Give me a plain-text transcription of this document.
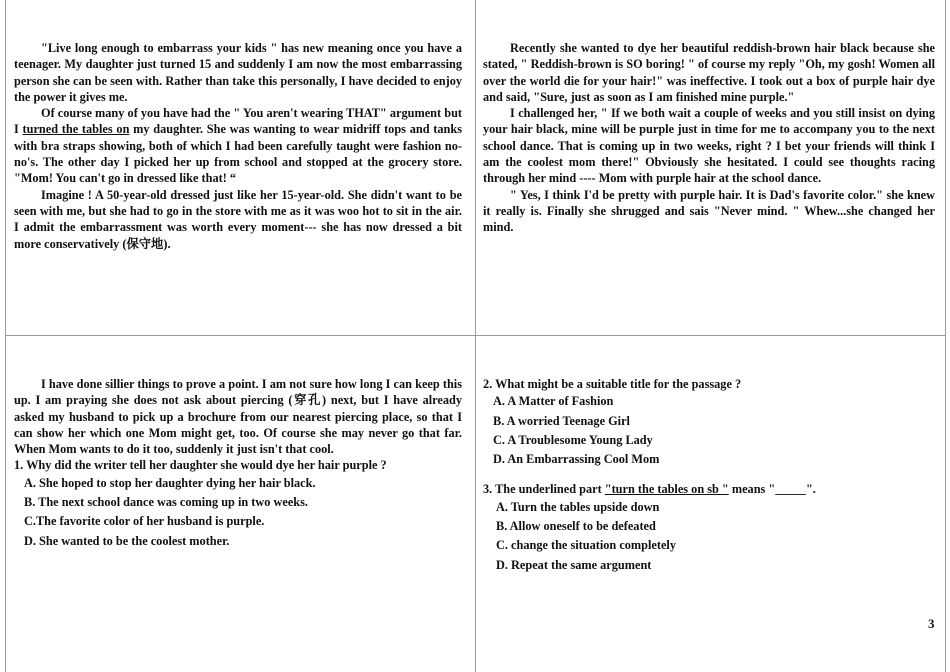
"Live long enough to embarrass your kids " has new meaning once you have a teenager. My daughter just turned 15 and suddenly I am now the most embarrassing person she can be seen with. Rather than take this personally, I have decided to enjoy the power it gives me.

Of course many of you have had the " You aren't wearing THAT" argument but I turned the tables on my daughter. She was wanting to wear midriff tops and tanks with bra straps showing, both of which I had been carefully taught were fashion no-no's. The other day I picked her up from school and stopped at the grocery store. "Mom! You can't go in dressed like that! “

Imagine ! A 50-year-old dressed just like her 15-year-old. She didn't want to be seen with me, but she had to go in the store with me as it was woo hot to sit in the air. I admit the embarrassment was worth every moment--- she has now dressed a bit more conservatively (保守地).

Recently she wanted to dye her beautiful reddish-brown hair black because she stated, " Reddish-brown is SO boring! " of course my reply "Oh, my gosh! Women all over the world die for your hair!" was ineffective. I took out a box of purple hair dye and said, "Sure, just as soon as I am finished mine purple."

I challenged her, " If we both wait a couple of weeks and you still insist on dying your hair black, mine will be purple just in time for me to accompany you to the next school dance. That is coming up in two weeks, right ? I bet your friends will think I am the coolest mom there!" Obviously she hesitated. I could see thoughts racing through her mind ---- Mom with purple hair at the school dance.

" Yes, I think I'd be pretty with purple hair. It is Dad's favorite color." she knew it really is. Finally she shrugged and sais "Never mind. " Whew...she changed her mind.

I have done sillier things to prove a point. I am not sure how long I can keep this up. I am praying she does not ask about piercing (穿孔) next, but I have already asked my husband to pick up a brochure from our nearest piercing place, so that I can show her which one Mom might get, too. Of course she may never go that far. When Mom wants to do it too, suddenly it just isn't that cool.

1. Why did the writer tell her daughter she would dye her hair purple ?

A. She hoped to stop her daughter dying her hair black.

B. The next school dance was coming up in two weeks.

C.The favorite color of her husband is purple.

D. She wanted to be the coolest mother.

2. What might be a suitable title for the passage ?

A. A Matter of Fashion

B. A worried Teenage Girl

C. A Troublesome Young Lady

D. An Embarrassing Cool Mom

3. The underlined part "turn the tables on sb " means "_____".

A. Turn the tables upside down

B. Allow oneself to be defeated

C. change the situation completely

D. Repeat the same argument

3
